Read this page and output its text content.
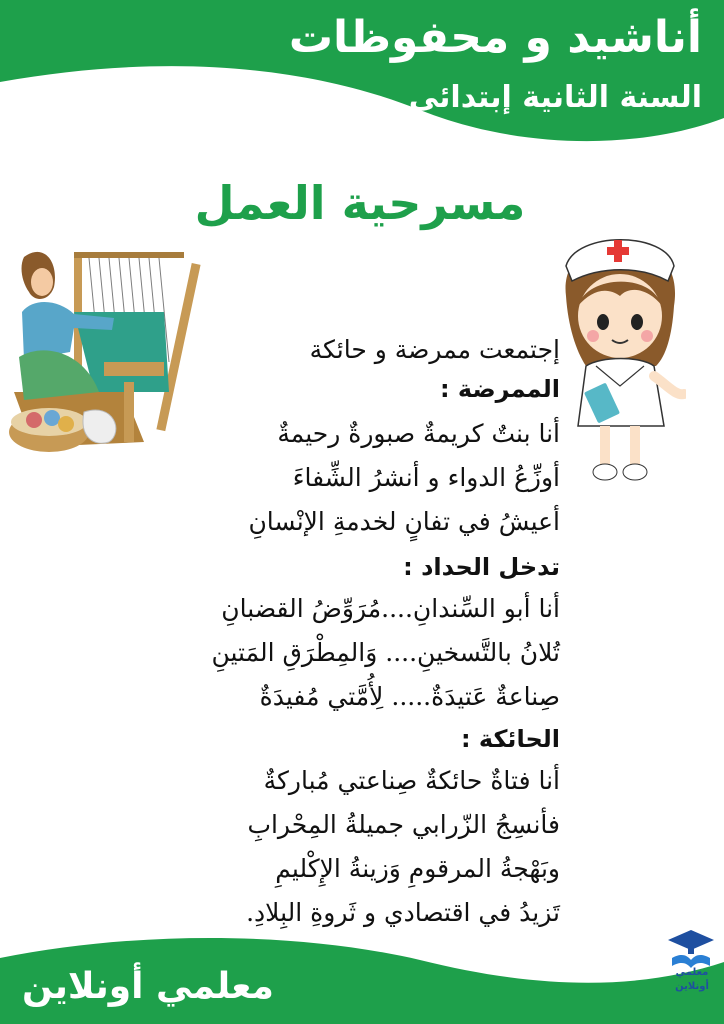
أناشيد و محفوظات
السنة الثانية إبتدائي
مسرحية العمل
إجتمعت ممرضة و حائكة
الممرضة :
أنا بنتٌ كريمةٌ صبورةٌ رحيمةٌ
أوزِّعُ الدواء و أنشرُ الشِّفاءَ
أعيشُ في تفانٍ لخدمةِ الإنْسانِ
تدخل الحداد :
أنا أبو السِّندانِ....مُرَوِّضُ القضبانِ
تُلانُ بالتَّسخينِ.... وَالمِطْرَقِ المَتينِ
صِناعةٌ عَتيدَةٌ..... لِأُمَّتي مُفيدَةٌ
الحائكة :
أنا فتاةٌ حائكةٌ صِناعتي مُباركةٌ
فأنسِجُ الزّرابي جميلةُ المِحْرابِ
وبَهْجةُ المرقومِ وَزينةُ الإِكْليمِ
تَزيدُ في اقتصادي و ثَروةِ البِلادِ.
معلمي أونلاين	معلمي أونلاين
